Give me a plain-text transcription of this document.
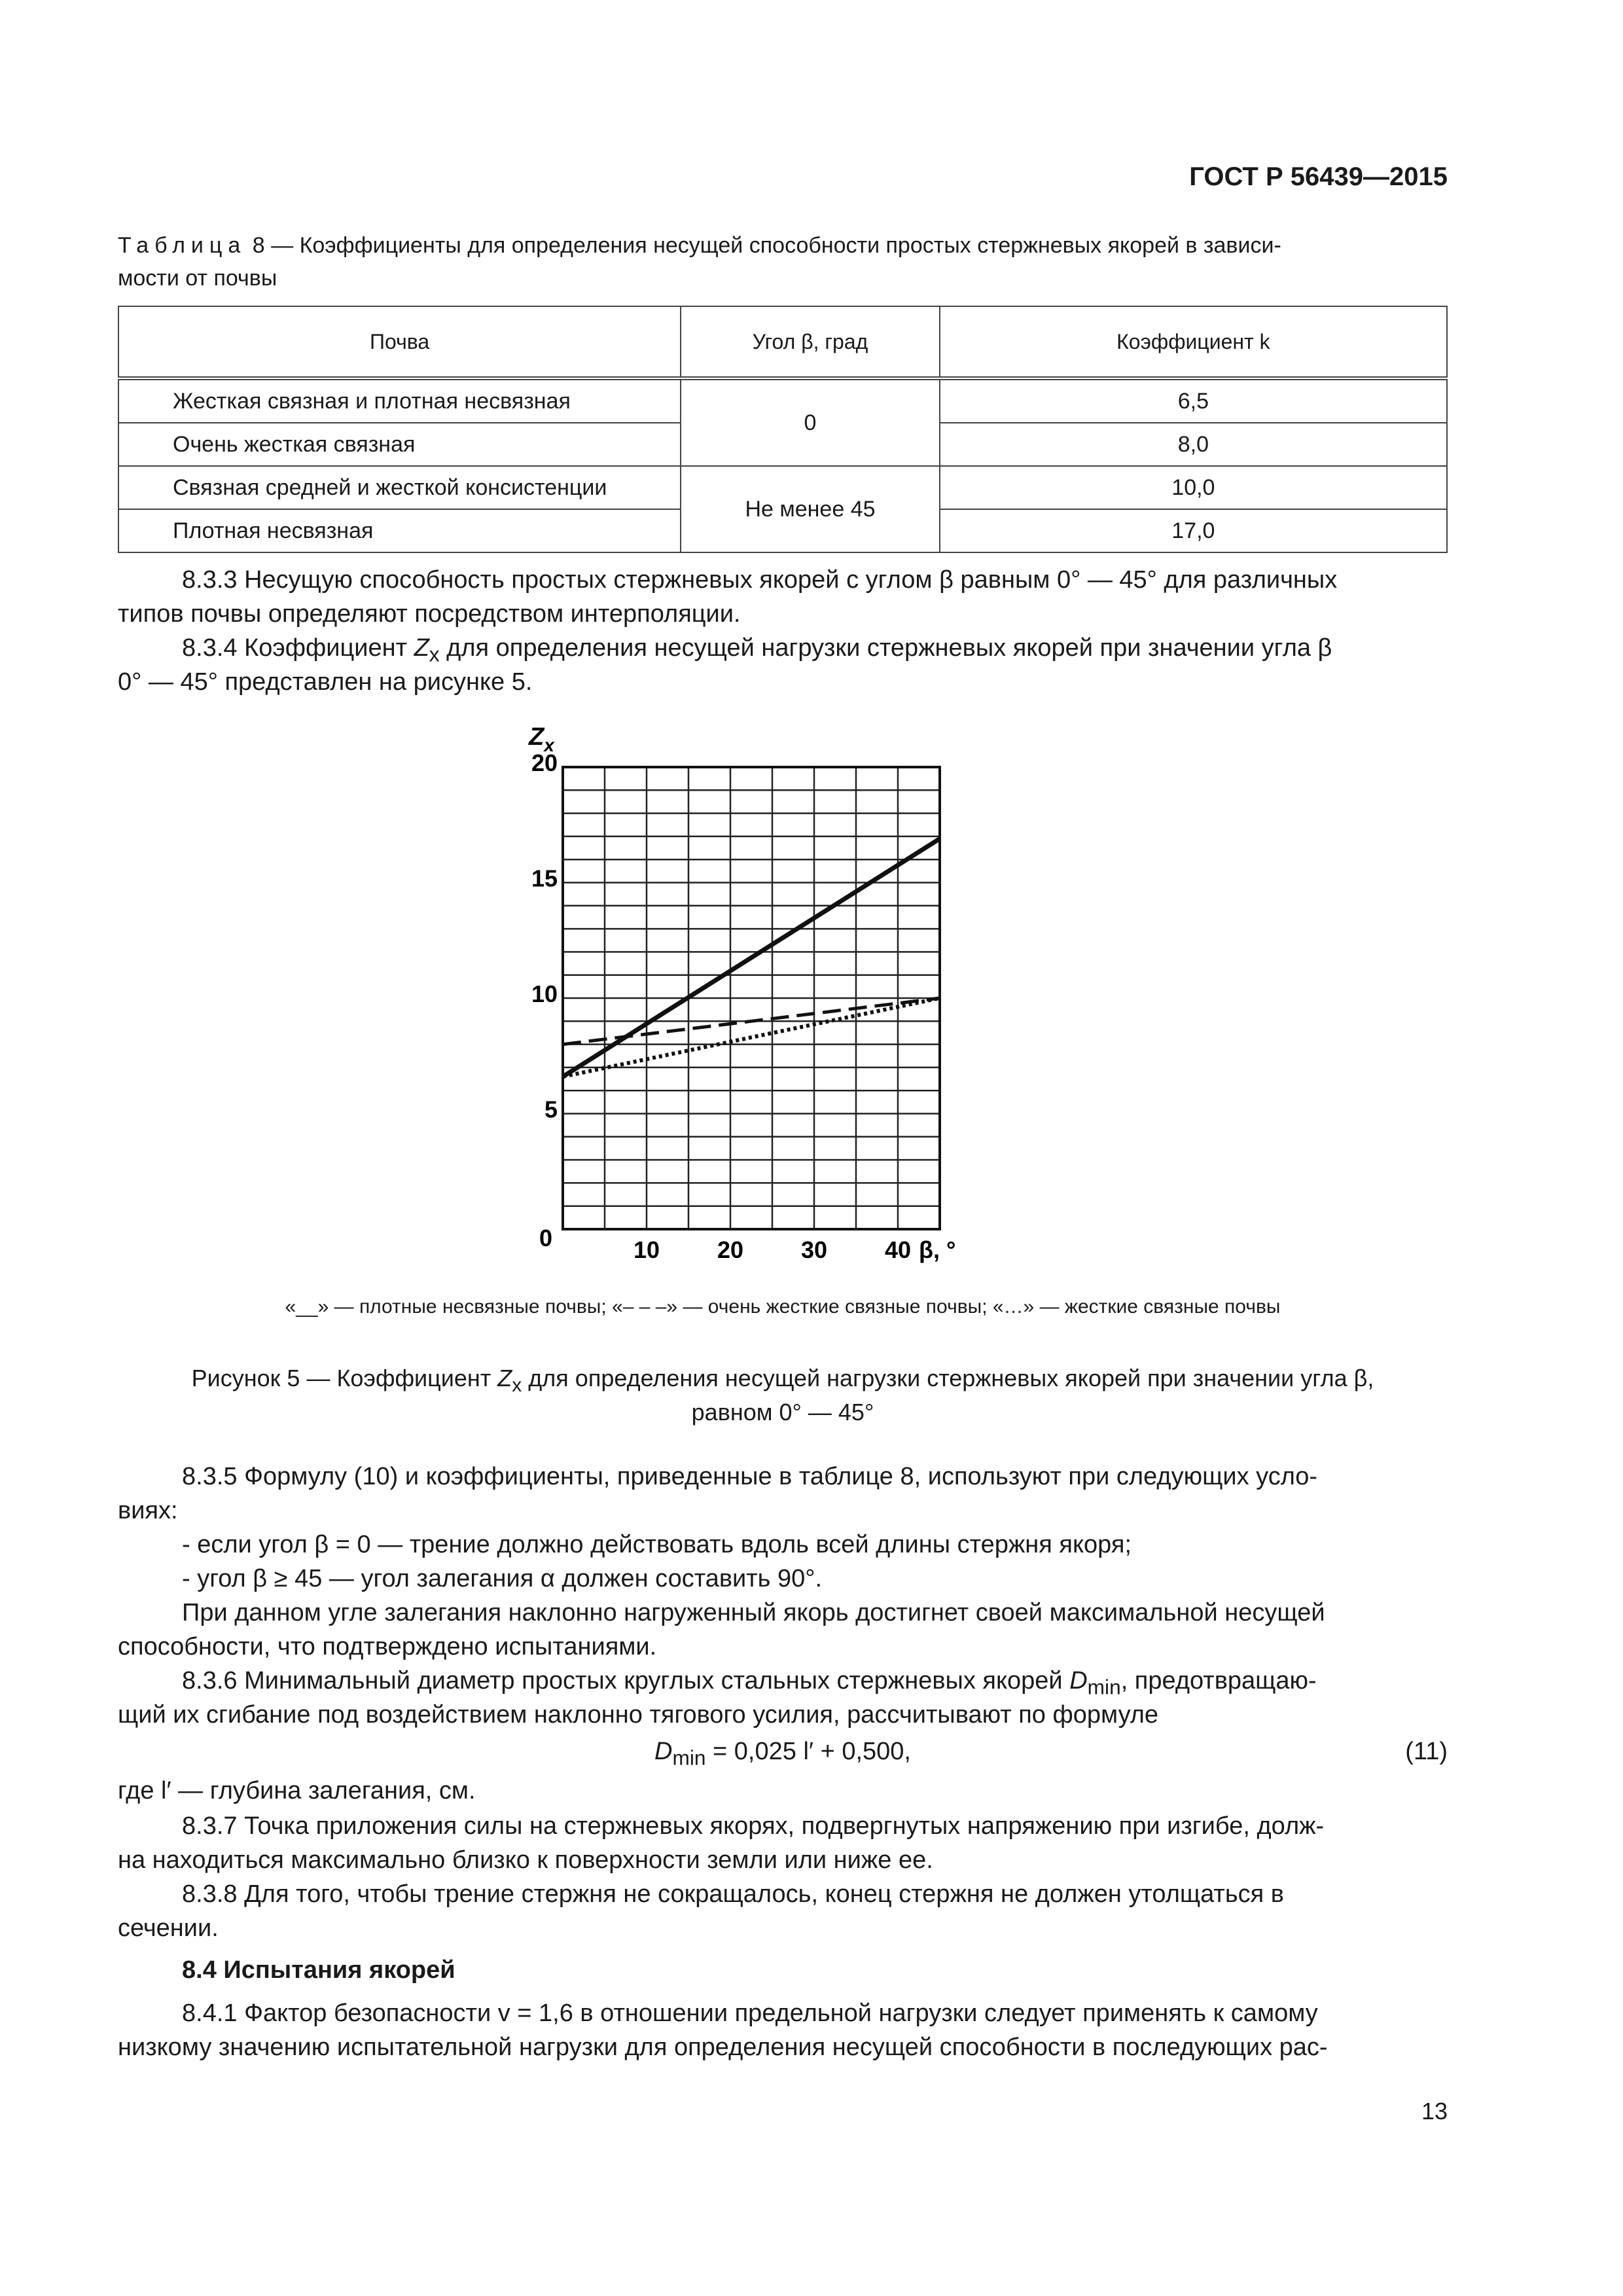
ГОСТ Р 56439—2015
Таблица 8 — Коэффициенты для определения несущей способности простых стержневых якорей в зависи-
мости от почвы
Почва	Угол β, град	Коэффициент k
Жесткая связная и плотная несвязная	0	6,5
Очень жесткая связная		8,0
Связная средней и жесткой консистенции	Не менее 45	10,0
Плотная несвязная		17,0
8.3.3 Несущую способность простых стержневых якорей с углом β равным 0° — 45° для различных
типов почвы определяют посредством интерполяции.
8.3.4 Коэффициент $Z_x$ для определения несущей нагрузки стержневых якорей при значении угла β
0° — 45° представлен на рисунке 5.
5
10
15
20
10 20 30 40
$Z_x$
β, °
0
«__» — плотные несвязные почвы; «– – –» — очень жесткие связные почвы; «…» — жесткие связные почвы
Рисунок 5 — Коэффициент $Z_x$ для определения несущей нагрузки стержневых якорей при значении угла β,
равном 0° — 45°
8.3.5 Формулу (10) и коэффициенты, приведенные в таблице 8, используют при следующих усло-
виях:
- если угол β = 0 — трение должно действовать вдоль всей длины стержня якоря;
- угол β ≥ 45 — угол залегания α должен составить 90°.
При данном угле залегания наклонно нагруженный якорь достигнет своей максимальной несущей
способности, что подтверждено испытаниями.
8.3.6 Минимальный диаметр простых круглых стальных стержневых якорей $D_{min}$, предотвращаю-
щий их сгибание под воздействием наклонно тягового усилия, рассчитывают по формуле
$D_{min} = 0,025$ l′ + 0,500,	(11)
где l′ — глубина залегания, см.
8.3.7 Точка приложения силы на стержневых якорях, подвергнутых напряжению при изгибе, долж-
на находиться максимально близко к поверхности земли или ниже ее.
8.3.8 Для того, чтобы трение стержня не сокращалось, конец стержня не должен утолщаться в
сечении.
8.4 Испытания якорей
8.4.1 Фактор безопасности v = 1,6 в отношении предельной нагрузки следует применять к самому
низкому значению испытательной нагрузки для определения несущей способности в последующих рас-
13
